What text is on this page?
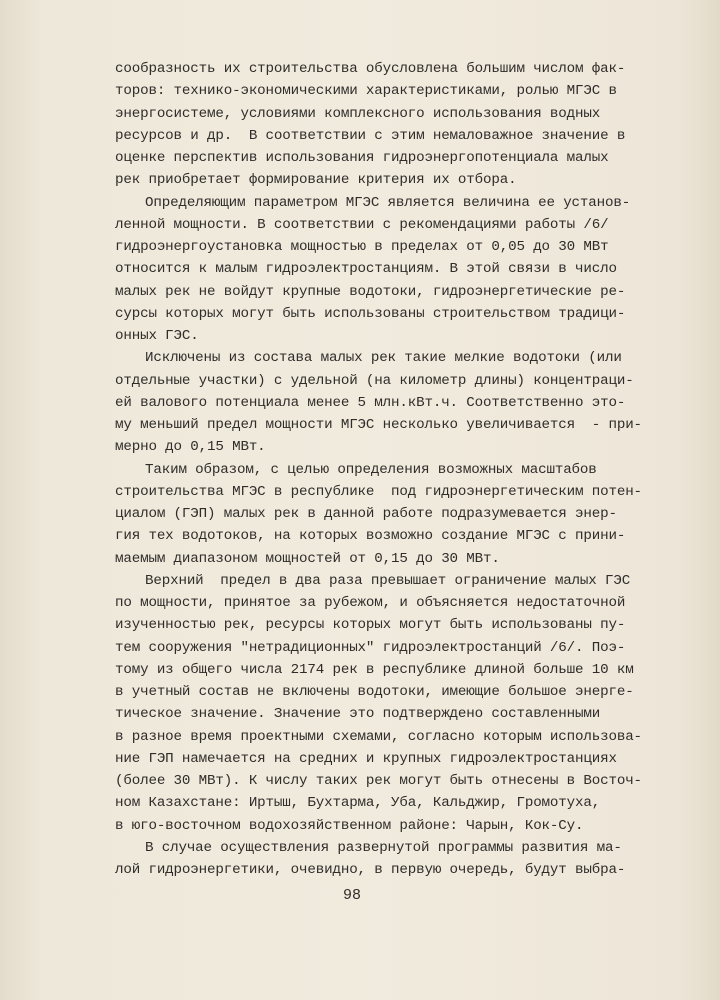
сообразность их строительства обусловлена большим числом фак-
торов: технико-экономическими характеристиками, ролью МГЭС в
энергосистеме, условиями комплексного использования водных
ресурсов и др.  В соответствии с этим немаловажное значение в
оценке перспектив использования гидроэнергопотенциала малых
рек приобретает формирование критерия их отбора.
Определяющим параметром МГЭС является величина ее установ-
ленной мощности. В соответствии с рекомендациями работы /6/
гидроэнергоустановка мощностью в пределах от 0,05 до 30 МВт
относится к малым гидроэлектростанциям. В этой связи в число
малых рек не войдут крупные водотоки, гидроэнергетические ре-
сурсы которых могут быть использованы строительством традици-
онных ГЭС.
Исключены из состава малых рек такие мелкие водотоки (или
отдельные участки) с удельной (на километр длины) концентраци-
ей валового потенциала менее 5 млн.кВт.ч. Соответственно это-
му меньший предел мощности МГЭС несколько увеличивается  - при-
мерно до 0,15 МВт.
Таким образом, с целью определения возможных масштабов
строительства МГЭС в республике  под гидроэнергетическим потен-
циалом (ГЭП) малых рек в данной работе подразумевается энер-
гия тех водотоков, на которых возможно создание МГЭС с прини-
маемым диапазоном мощностей от 0,15 до 30 МВт.
Верхний  предел в два раза превышает ограничение малых ГЭС
по мощности, принятое за рубежом, и объясняется недостаточной
изученностью рек, ресурсы которых могут быть использованы пу-
тем сооружения "нетрадиционных" гидроэлектростанций /6/. Поэ-
тому из общего числа 2174 рек в республике длиной больше 10 км
в учетный состав не включены водотоки, имеющие большое энерге-
тическое значение. Значение это подтверждено составленными
в разное время проектными схемами, согласно которым использова-
ние ГЭП намечается на средних и крупных гидроэлектростанциях
(более 30 МВт). К числу таких рек могут быть отнесены в Восточ-
ном Казахстане: Иртыш, Бухтарма, Уба, Кальджир, Громотуха,
в юго-восточном водохозяйственном районе: Чарын, Кок-Су.
В случае осуществления развернутой программы развития ма-
лой гидроэнергетики, очевидно, в первую очередь, будут выбра-
98
